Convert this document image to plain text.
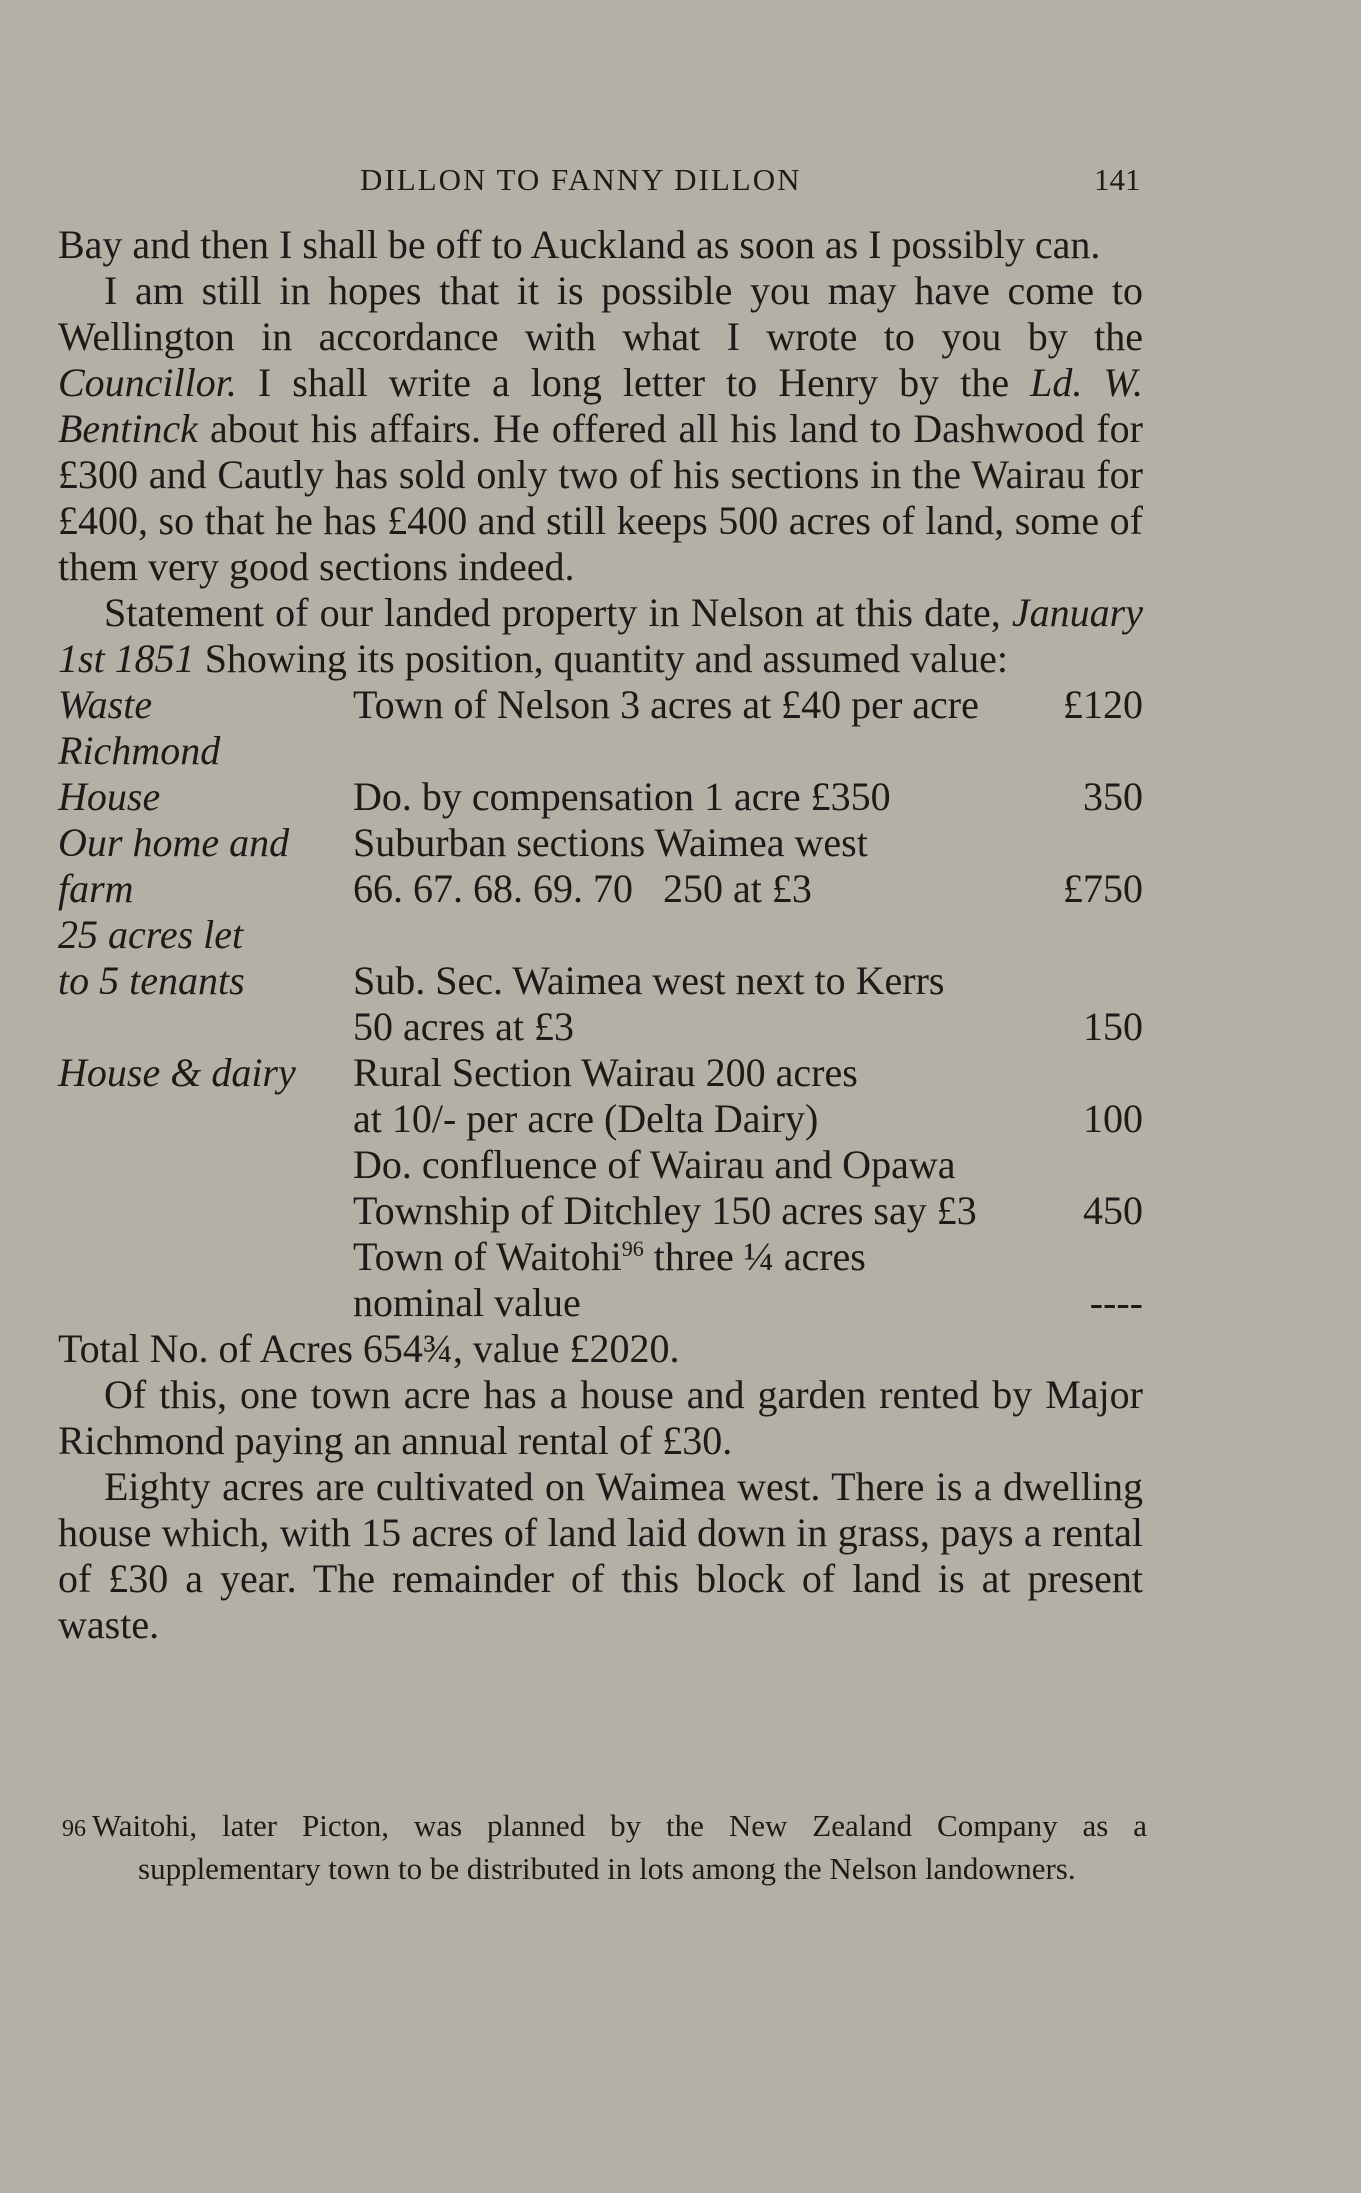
DILLON TO FANNY DILLON	141

Bay and then I shall be off to Auckland as soon as I possibly can.

I am still in hopes that it is possible you may have come to Wellington in accordance with what I wrote to you by the Councillor. I shall write a long letter to Henry by the Ld. W. Bentinck about his affairs. He offered all his land to Dashwood for £300 and Cautly has sold only two of his sections in the Wairau for £400, so that he has £400 and still keeps 500 acres of land, some of them very good sections indeed.

Statement of our landed property in Nelson at this date, January 1st 1851 Showing its position, quantity and assumed value:

Waste	Town of Nelson 3 acres at £40 per acre	£120
Richmond		
House	Do. by compensation 1 acre £350	350
Our home and	Suburban sections Waimea west	
farm	66. 67. 68. 69. 70   250 at £3	£750
25 acres let		
to 5 tenants	Sub. Sec. Waimea west next to Kerrs	
	50 acres at £3	150
House & dairy	Rural Section Wairau 200 acres	
	at 10/- per acre (Delta Dairy)	100
	Do. confluence of Wairau and Opawa	
	Township of Ditchley 150 acres say £3	450
	Town of Waitohi$^{96}$ three ¼ acres	
	nominal value	----

Total No. of Acres 654¾, value £2020.

Of this, one town acre has a house and garden rented by Major Richmond paying an annual rental of £30.

Eighty acres are cultivated on Waimea west. There is a dwelling house which, with 15 acres of land laid down in grass, pays a rental of £30 a year. The remainder of this block of land is at present waste.

96 Waitohi, later Picton, was planned by the New Zealand Company as a supplementary town to be distributed in lots among the Nelson landowners.
